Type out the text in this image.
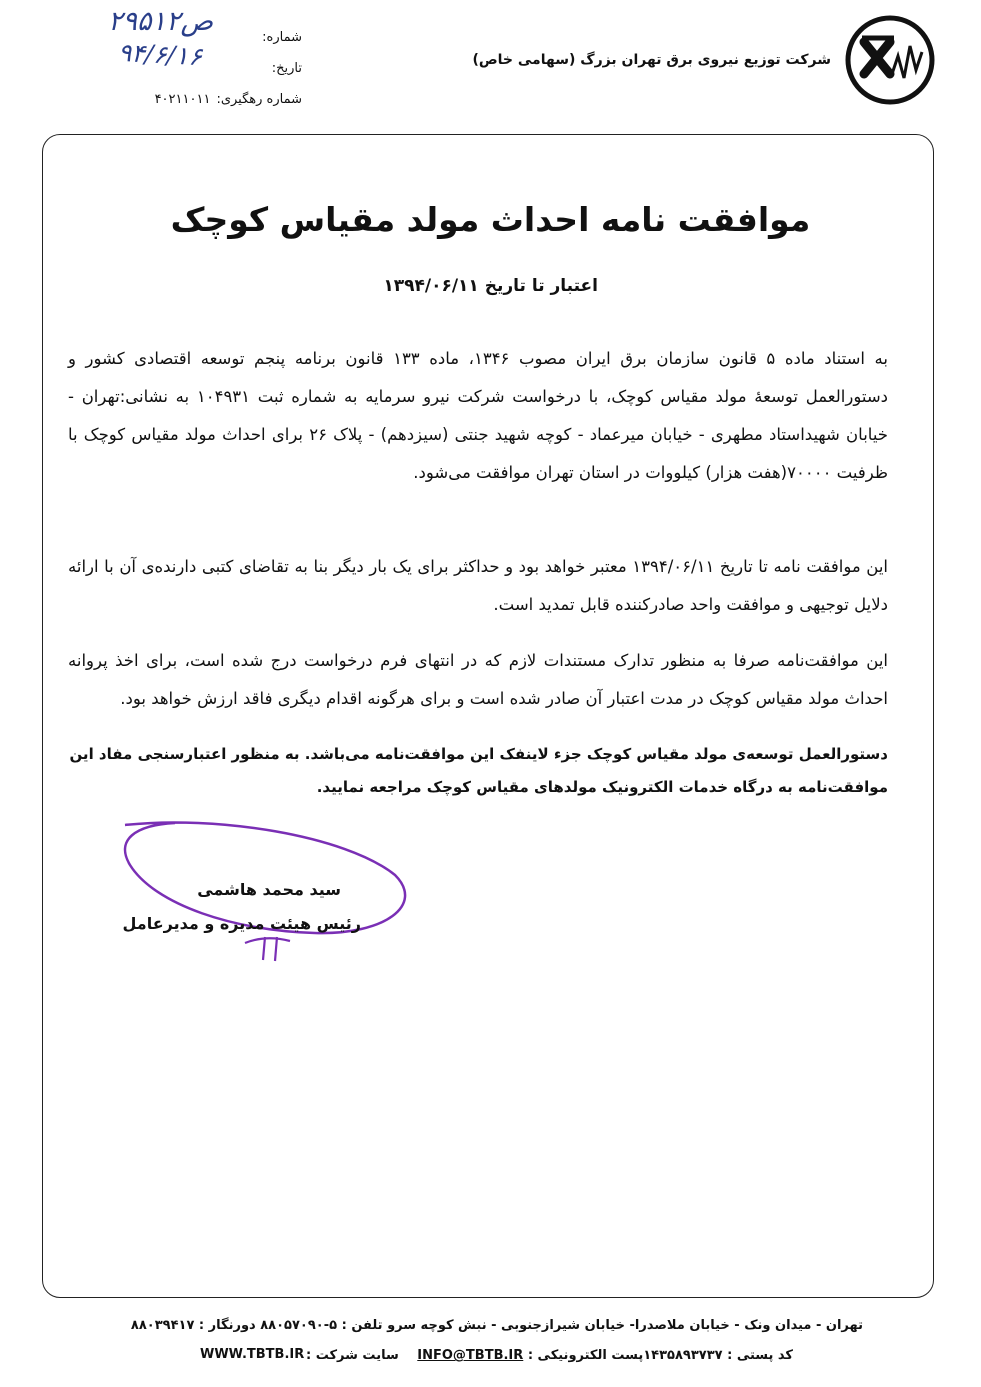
شرکت توزیع نیروی برق تهران بزرگ (سهامی خاص)
شماره:
تاریخ:
شماره رهگیری:
۴۰۲۱۱۰۱۱
۲۹۵۱۲ص
۹۴/۶/۱۶
موافقت نامه احداث مولد مقیاس کوچک
اعتبار تا تاریخ ۱۳۹۴/۰۶/۱۱
به استناد ماده ۵ قانون سازمان برق ایران مصوب ۱۳۴۶، ماده ۱۳۳ قانون برنامه پنجم توسعه اقتصادی کشور و دستورالعمل توسعهٔ مولد مقیاس کوچک، با درخواست شرکت نیرو سرمایه به شماره ثبت ۱۰۴۹۳۱ به نشانی:تهران - خیابان شهیداستاد مطهری - خیابان میرعماد - کوچه شهید جنتی (سیزدهم) - پلاک ۲۶ برای احداث مولد مقیاس کوچک با ظرفیت ۷۰۰۰۰(هفت هزار) کیلووات در استان تهران موافقت می‌شود.
این موافقت نامه تا تاریخ ۱۳۹۴/۰۶/۱۱ معتبر خواهد بود و حداکثر برای یک بار دیگر بنا به تقاضای کتبی دارنده‌ی آن با ارائه دلایل توجیهی و موافقت واحد صادرکننده قابل تمدید است.
این موافقت‌نامه صرفا به منظور تدارک مستندات لازم که در انتهای فرم درخواست درج شده است، برای اخذ پروانه احداث مولد مقیاس کوچک در مدت اعتبار آن صادر شده است و برای هرگونه اقدام دیگری فاقد ارزش خواهد بود.
دستورالعمل توسعه‌ی مولد مقیاس کوچک جزء لاینفک این موافقت‌نامه می‌باشد. به منظور اعتبارسنجی مفاد این موافقت‌نامه به درگاه خدمات الکترونیک مولدهای مقیاس کوچک مراجعه نمایید.
سید محمد هاشمی
رئیس هیئت مدیره و مدیرعامل
تهران - میدان ونک - خیابان ملاصدرا- خیابان شیرازجنوبی - نبش کوچه سرو تلفن : ۵-۸۸۰۵۷۰۹۰ دورنگار : ۸۸۰۳۹۴۱۷
کد پستی : ۱۴۳۵۸۹۳۷۳۷پست الکترونیکی : INFO@TBTB.IR سایت شرکت :
WWW.TBTB.IR
